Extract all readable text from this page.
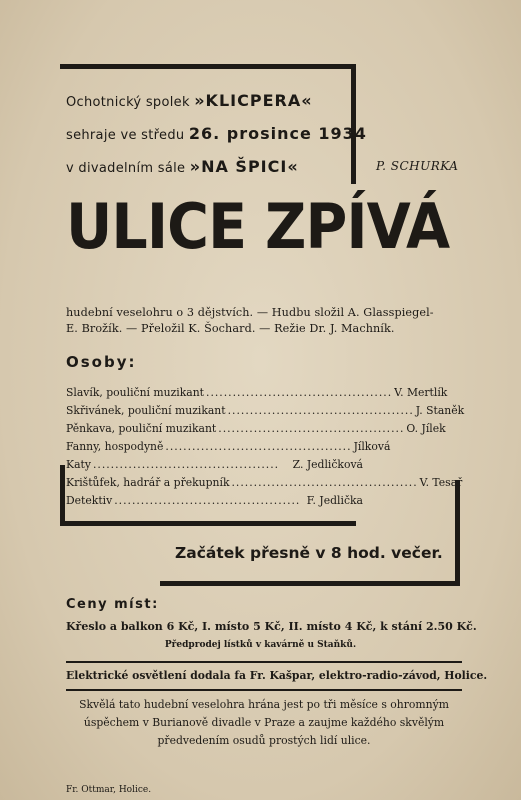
Ochotnický spolek »KLICPERA«
sehraje ve středu 26. prosince 1934
v divadelním sále »NA ŠPICI«	P. SCHURKA
ULICE ZPÍVÁ
hudební veselohru o 3 dějstvích. — Hudbu složil A. Glasspiegel-
E. Brožík. — Přeložil K. Šochard. — Režie Dr. J. Machník.
Osoby:
Slavík, pouliční muzikant .......................................... V. Mertlík
Skřivánek, pouliční muzikant .......................................... J. Staněk
Pěnkava, pouliční muzikant .......................................... O. Jílek
Fanny, hospodyně .......................................... Jílková
Katy ..........................................	Z. Jedličková
Krištůfek, hadrář a překupník .......................................... V. Tesař
Detektiv .......................................... F. Jedlička
Začátek přesně v 8 hod. večer.
Ceny míst:
Křeslo a balkon 6 Kč, I. místo 5 Kč, II. místo 4 Kč, k stání 2.50 Kč.
Předprodej lístků v kavárně u Staňků.
Elektrické osvětlení dodala fa Fr. Kašpar, elektro-radio-závod, Holice.
Skvělá tato hudební veselohra hrána jest po tři měsíce s ohromným
úspěchem v Burianově divadle v Praze a zaujme každého skvělým
předvedením osudů prostých lidí ulice.
Fr. Ottmar, Holice.
